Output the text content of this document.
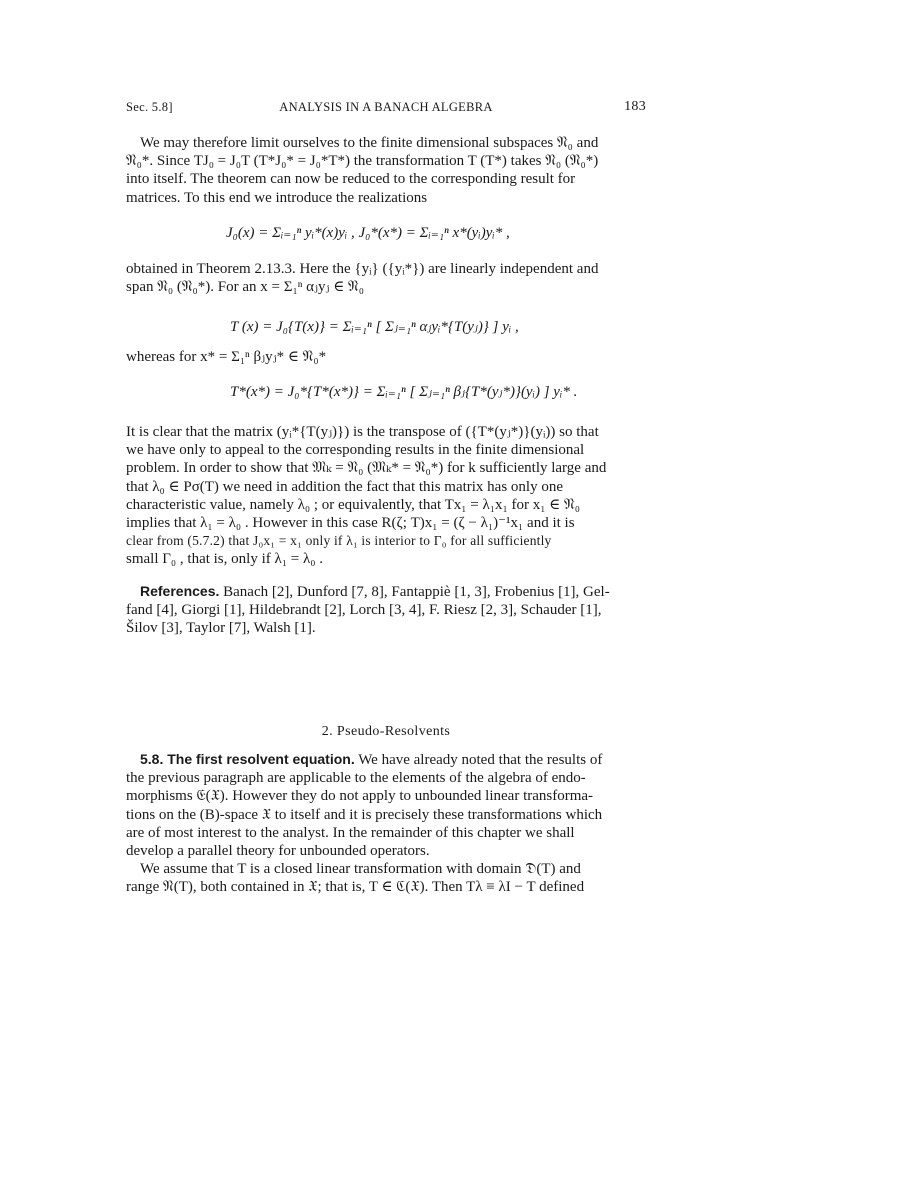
Sec. 5.8]	ANALYSIS IN A BANACH ALGEBRA	183
We may therefore limit ourselves to the finite dimensional subspaces 𝔑₀ and
𝔑₀*. Since TJ₀ = J₀T (T*J₀* = J₀*T*) the transformation T (T*) takes 𝔑₀ (𝔑₀*)
into itself. The theorem can now be reduced to the corresponding result for
matrices. To this end we introduce the realizations
J₀(x) = Σᵢ₌₁ⁿ yᵢ*(x)yᵢ , J₀*(x*) = Σᵢ₌₁ⁿ x*(yᵢ)yᵢ* ,
obtained in Theorem 2.13.3. Here the {yᵢ} ({yᵢ*}) are linearly independent and
span 𝔑₀ (𝔑₀*). For an x = Σ₁ⁿ αⱼyⱼ ∈ 𝔑₀
T (x) = J₀{T(x)} = Σᵢ₌₁ⁿ [ Σⱼ₌₁ⁿ αⱼyᵢ*{T(yⱼ)} ] yᵢ ,
whereas for x* = Σ₁ⁿ βⱼyⱼ* ∈ 𝔑₀*
T*(x*) = J₀*{T*(x*)} = Σᵢ₌₁ⁿ [ Σⱼ₌₁ⁿ βⱼ{T*(yⱼ*)}(yᵢ) ] yᵢ* .
It is clear that the matrix (yᵢ*{T(yⱼ)}) is the transpose of ({T*(yⱼ*)}(yᵢ)) so that
we have only to appeal to the corresponding results in the finite dimensional
problem. In order to show that 𝔐ₖ = 𝔑₀ (𝔐ₖ* = 𝔑₀*) for k sufficiently large and
that λ₀ ∈ Pσ(T) we need in addition the fact that this matrix has only one
characteristic value, namely λ₀ ; or equivalently, that Tx₁ = λ₁x₁ for x₁ ∈ 𝔑₀
implies that λ₁ = λ₀ . However in this case R(ζ; T)x₁ = (ζ − λ₁)⁻¹x₁ and it is
clear from (5.7.2) that J₀x₁ = x₁ only if λ₁ is interior to Γ₀ for all sufficiently
small Γ₀ , that is, only if λ₁ = λ₀ .
References. Banach [2], Dunford [7, 8], Fantappiè [1, 3], Frobenius [1], Gel-
fand [4], Giorgi [1], Hildebrandt [2], Lorch [3, 4], F. Riesz [2, 3], Schauder [1],
Šilov [3], Taylor [7], Walsh [1].
2. Pseudo-Resolvents
5.8. The first resolvent equation. We have already noted that the results of
the previous paragraph are applicable to the elements of the algebra of endo-
morphisms 𝔈(𝔛). However they do not apply to unbounded linear transforma-
tions on the (B)-space 𝔛 to itself and it is precisely these transformations which
are of most interest to the analyst. In the remainder of this chapter we shall
develop a parallel theory for unbounded operators.
We assume that T is a closed linear transformation with domain 𝔇(T) and
range 𝔑(T), both contained in 𝔛; that is, T ∈ ℭ(𝔛). Then Tλ ≡ λI − T defined
